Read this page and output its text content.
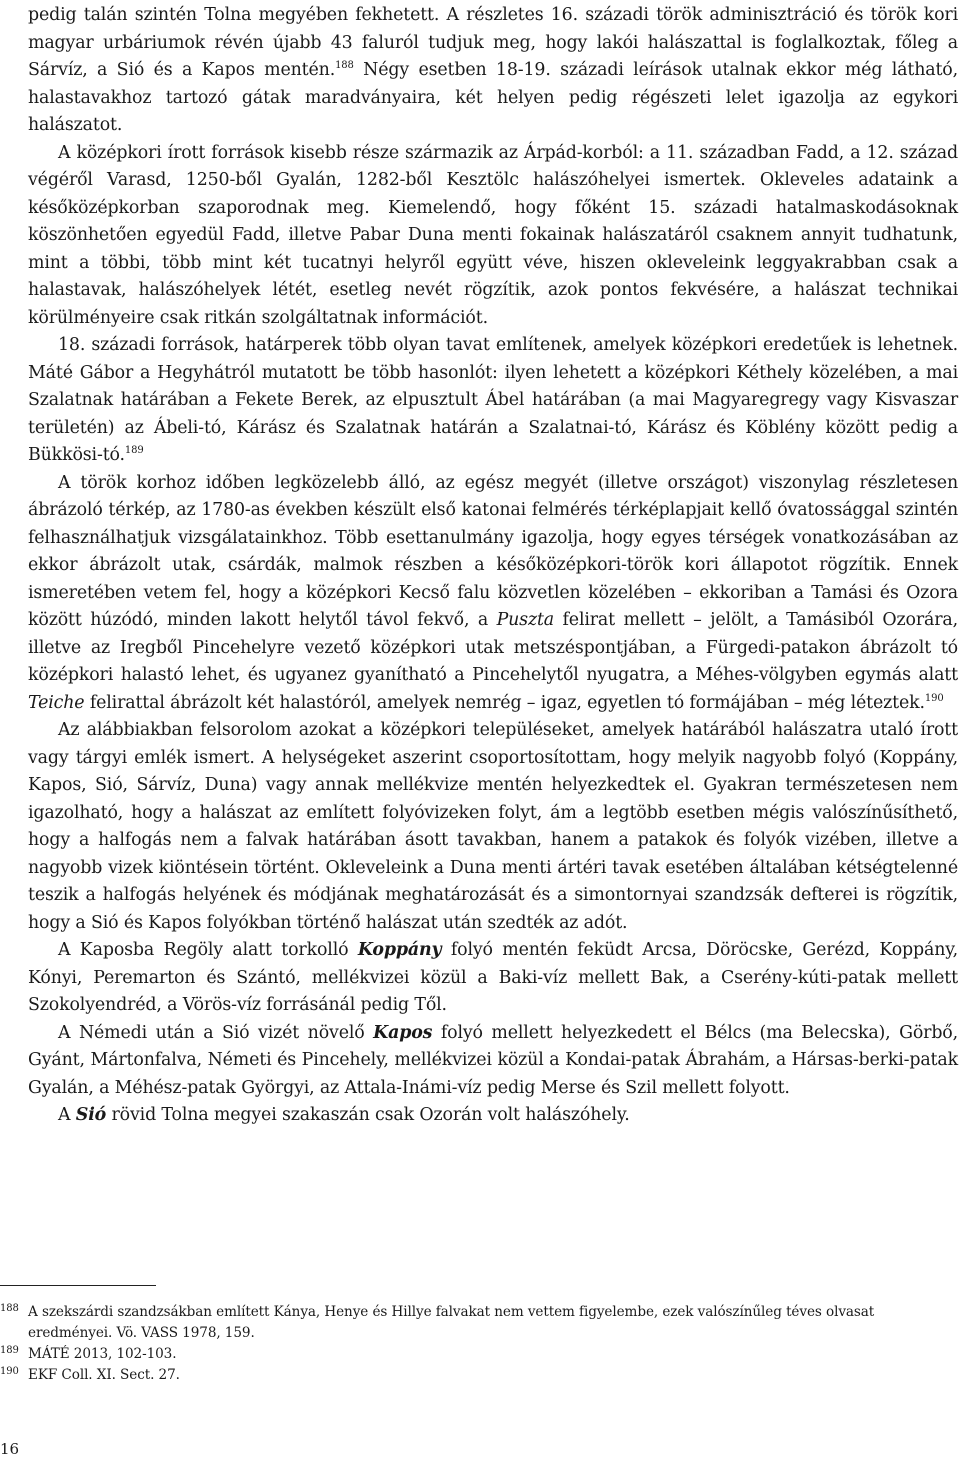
pedig talán szintén Tolna megyében fekhetett. A részletes 16. századi török adminisztráció és török kori magyar urbáriumok révén újabb 43 faluról tudjuk meg, hogy lakói halászattal is foglalkoztak, főleg a Sárvíz, a Sió és a Kapos mentén.$^{188}$ Négy esetben 18-19. századi leírások utalnak ekkor még látható, halastavakhoz tartozó gátak maradványaira, két helyen pedig régészeti lelet igazolja az egykori halászatot.

A középkori írott források kisebb része származik az Árpád-korból: a 11. században Fadd, a 12. század végéről Varasd, 1250-ből Gyalán, 1282-ből Kesztölc halászóhelyei ismertek. Okleveles adataink a későközépkorban szaporodnak meg. Kiemelendő, hogy főként 15. századi hatalmaskodásoknak köszönhetően egyedül Fadd, illetve Pabar Duna menti fokainak halászatáról csaknem annyit tudhatunk, mint a többi, több mint két tucatnyi helyről együtt véve, hiszen okleveleink leggyakrabban csak a halastavak, halászóhelyek létét, esetleg nevét rögzítik, azok pontos fekvésére, a halászat technikai körülményeire csak ritkán szolgáltatnak információt.

18. századi források, határperek több olyan tavat említenek, amelyek középkori eredetűek is lehetnek. Máté Gábor a Hegyhátról mutatott be több hasonlót: ilyen lehetett a középkori Kéthely közelében, a mai Szalatnak határában a Fekete Berek, az elpusztult Ábel határában (a mai Magyaregregy vagy Kisvaszar területén) az Ábeli-tó, Kárász és Szalatnak határán a Szalatnai-tó, Kárász és Köblény között pedig a Bükkösi-tó.$^{189}$

A török korhoz időben legközelebb álló, az egész megyét (illetve országot) viszonylag részletesen ábrázoló térkép, az 1780-as években készült első katonai felmérés térképlapjait kellő óvatossággal szintén felhasználhatjuk vizsgálatainkhoz. Több esettanulmány igazolja, hogy egyes térségek vonatkozásában az ekkor ábrázolt utak, csárdák, malmok részben a későközépkori-török kori állapotot rögzítik. Ennek ismeretében vetem fel, hogy a középkori Kecső falu közvetlen közelében – ekkoriban a Tamási és Ozora között húzódó, minden lakott helytől távol fekvő, a Puszta felirat mellett – jelölt, a Tamásiból Ozorára, illetve az Iregből Pincehelyre vezető középkori utak metszéspontjában, a Fürgedi-patakon ábrázolt tó középkori halastó lehet, és ugyanez gyanítható a Pincehelytől nyugatra, a Méhes-völgyben egymás alatt Teiche felirattal ábrázolt két halastóról, amelyek nemrég – igaz, egyetlen tó formájában – még léteztek.$^{190}$

Az alábbiakban felsorolom azokat a középkori településeket, amelyek határából halászatra utaló írott vagy tárgyi emlék ismert. A helységeket aszerint csoportosítottam, hogy melyik nagyobb folyó (Koppány, Kapos, Sió, Sárvíz, Duna) vagy annak mellékvize mentén helyezkedtek el. Gyakran természetesen nem igazolható, hogy a halászat az említett folyóvizeken folyt, ám a legtöbb esetben mégis valószínűsíthető, hogy a halfogás nem a falvak határában ásott tavakban, hanem a patakok és folyók vizében, illetve a nagyobb vizek kiöntésein történt. Okleveleink a Duna menti ártéri tavak esetében általában kétségtelenné teszik a halfogás helyének és módjának meghatározását és a simontornyai szandzsák defterei is rögzítik, hogy a Sió és Kapos folyókban történő halászat után szedték az adót.

A Kaposba Regöly alatt torkolló Koppány folyó mentén feküdt Arcsa, Döröcske, Gerézd, Koppány, Kónyi, Peremarton és Szántó, mellékvizei közül a Baki-víz mellett Bak, a Cserény-kúti-patak mellett Szokolyendréd, a Vörös-víz forrásánál pedig Től.

A Némedi után a Sió vizét növelő Kapos folyó mellett helyezkedett el Bélcs (ma Belecska), Görbő, Gyánt, Mártonfalva, Németi és Pincehely, mellékvizei közül a Kondai-patak Ábrahám, a Hársas-berki-patak Gyalán, a Méhész-patak Györgyi, az Attala-Inámi-víz pedig Merse és Szil mellett folyott.

A Sió rövid Tolna megyei szakaszán csak Ozorán volt halászóhely.

188 A szekszárdi szandzsákban említett Kánya, Henye és Hillye falvakat nem vettem figyelembe, ezek valószínűleg téves olvasat eredményei. Vö. VASS 1978, 159.
189 MÁTÉ 2013, 102-103.
190 EKF Coll. XI. Sect. 27.
16
